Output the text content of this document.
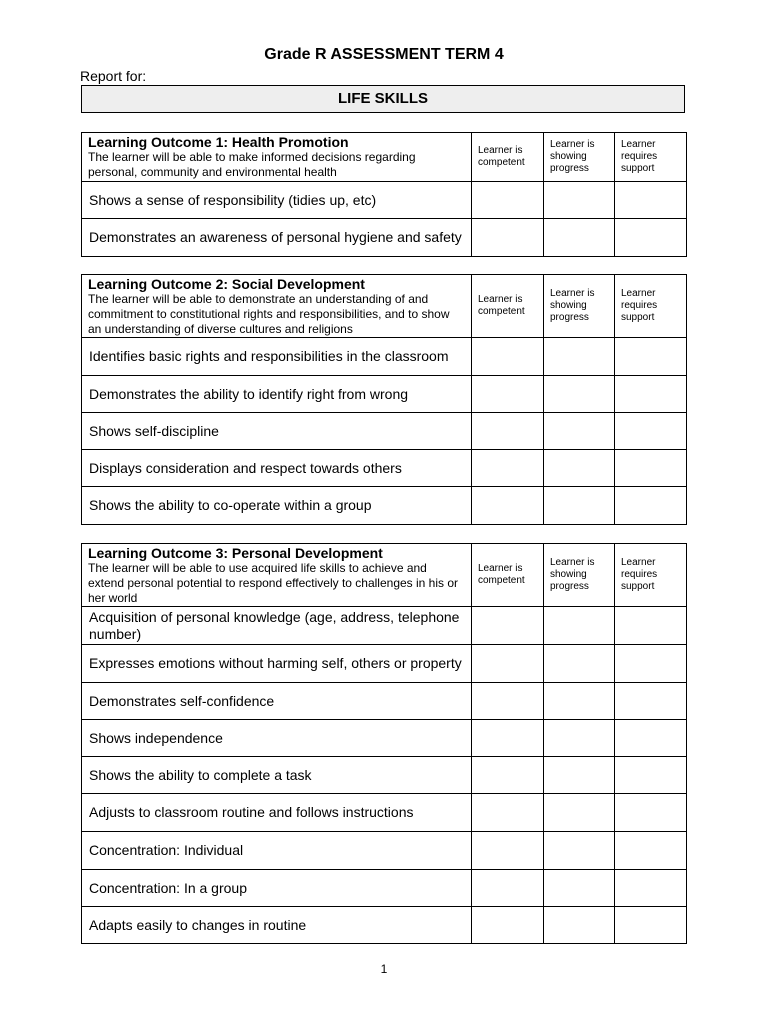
Grade R ASSESSMENT TERM 4
Report for:
LIFE SKILLS
Learning Outcome 1: Health Promotion
The learner will be able to make informed decisions regarding personal, community and environmental health	Learner is competent	Learner is showing progress	Learner requires support
Shows a sense of responsibility (tidies up, etc)			
Demonstrates an awareness of personal hygiene and safety			
Learning Outcome 2: Social Development
The learner will be able to demonstrate an understanding of and commitment to constitutional rights and responsibilities, and to show an understanding of diverse cultures and religions	Learner is competent	Learner is showing progress	Learner requires support
Identifies basic rights and responsibilities in the classroom			
Demonstrates the ability to identify right from wrong			
Shows self-discipline			
Displays consideration and respect towards others			
Shows the ability to co-operate within a group			
Learning Outcome 3: Personal Development
The learner will be able to use acquired life skills to achieve and extend personal potential to respond effectively to challenges in his or her world	Learner is competent	Learner is showing progress	Learner requires support
Acquisition of personal knowledge (age, address, telephone number)			
Expresses emotions without harming self, others or property			
Demonstrates self-confidence			
Shows independence			
Shows the ability to complete a task			
Adjusts to classroom routine and follows instructions			
Concentration: Individual			
Concentration: In a group			
Adapts easily to changes in routine			
1
